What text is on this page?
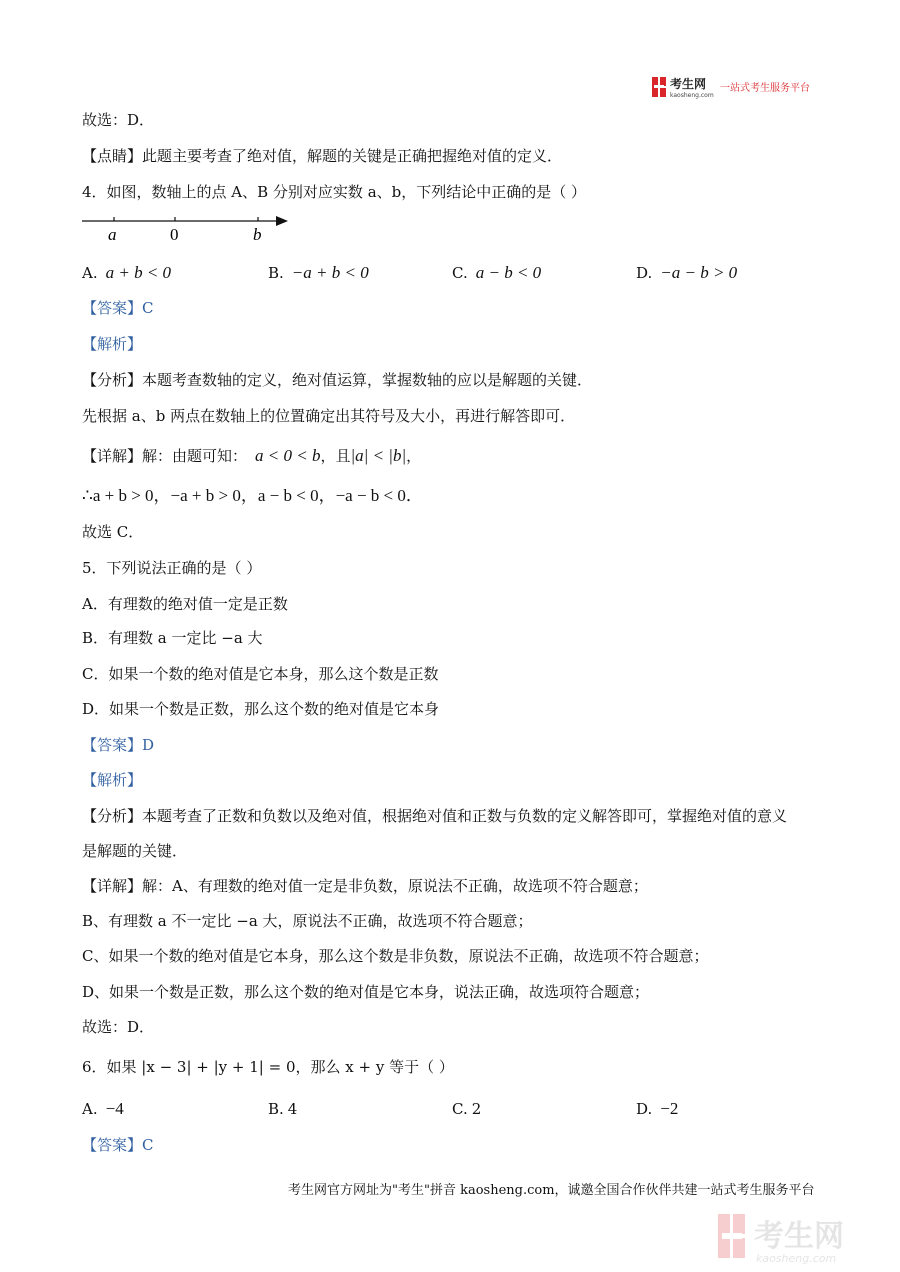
考生网
kaosheng.com
一站式考生服务平台
故选：D．
【点睛】此题主要考查了绝对值，解题的关键是正确把握绝对值的定义．
4．如图，数轴上的点 A、B 分别对应实数 a、b，下列结论中正确的是（ ）
a	0	b
A. a + b < 0	B. −a + b < 0	C. a − b < 0	D. −a − b > 0
【答案】C
【解析】
【分析】本题考查数轴的定义，绝对值运算，掌握数轴的应以是解题的关键．
先根据 a、b 两点在数轴上的位置确定出其符号及大小，再进行解答即可．
【详解】解：由题可知： a < 0 < b，且|a| < |b|，
∴a + b > 0，−a + b > 0，a − b < 0，−a − b < 0．
故选 C．
5．下列说法正确的是（ ）
A．有理数的绝对值一定是正数
B．有理数 a 一定比 −a 大
C．如果一个数的绝对值是它本身，那么这个数是正数
D．如果一个数是正数，那么这个数的绝对值是它本身
【答案】D
【解析】
【分析】本题考查了正数和负数以及绝对值，根据绝对值和正数与负数的定义解答即可，掌握绝对值的意义
是解题的关键．
【详解】解：A、有理数的绝对值一定是非负数，原说法不正确，故选项不符合题意；
B、有理数 a 不一定比 −a 大，原说法不正确，故选项不符合题意；
C、如果一个数的绝对值是它本身，那么这个数是非负数，原说法不正确，故选项不符合题意；
D、如果一个数是正数，那么这个数的绝对值是它本身，说法正确，故选项符合题意；
故选：D．
6．如果 |x − 3| + |y + 1| = 0，那么 x + y 等于（ ）
A. −4	B. 4	C. 2	D. −2
【答案】C
考生网官方网址为"考生"拼音 kaosheng.com，诚邀全国合作伙伴共建一站式考生服务平台
考生网
kaosheng.com
